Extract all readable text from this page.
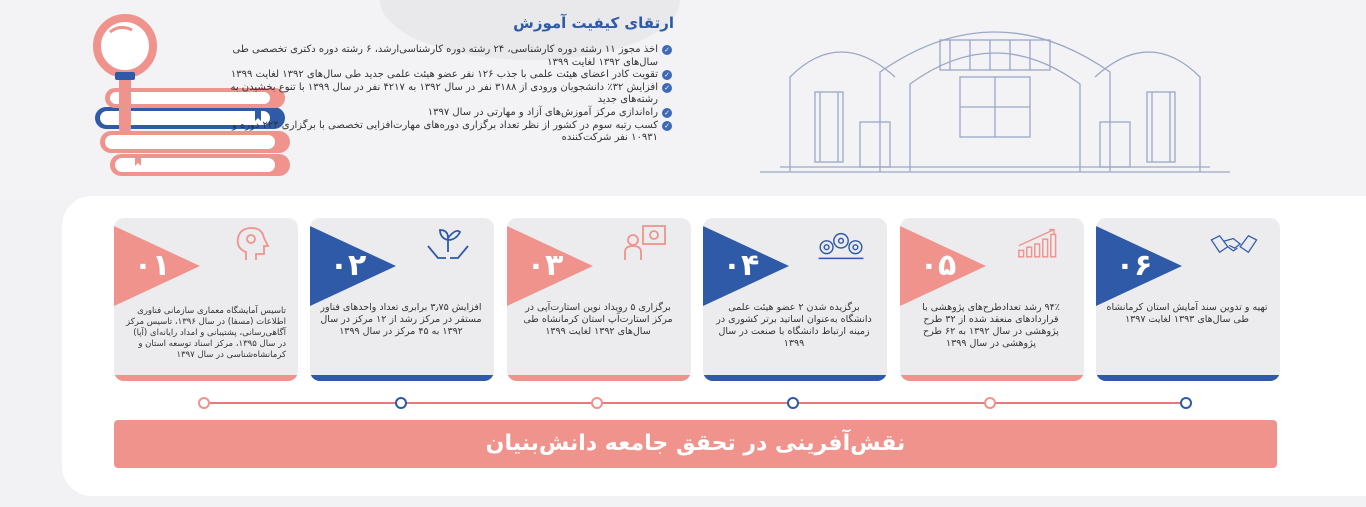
ارتقای کیفیت آموزش
✓
اخذ مجوز ۱۱ رشته دوره کارشناسی، ۲۴ رشته دوره کارشناسی‌ارشد، ۶ رشته دوره دکتری تخصصی طی سال‌های ۱۳۹۲ لغایت ۱۳۹۹
✓
تقویت کادر اعضای هیئت علمی با جذب ۱۲۶ نفر عضو هیئت علمی جدید طی سال‌های ۱۳۹۲ لغایت ۱۳۹۹
✓
افزایش ۳۲٪ دانشجویان ورودی از ۳۱۸۸ نفر در سال ۱۳۹۲ به ۴۲۱۷ نفر در سال ۱۳۹۹ با تنوع بخشیدن به رشته‌های جدید
✓
راه‌اندازی مرکز آموزش‌های آزاد و مهارتی در سال ۱۳۹۷
✓
کسب رتبه سوم در کشور از نظر تعداد برگزاری دوره‌های مهارت‌افزایی تخصصی با برگزاری ۲۲۴ دوره و ۱۰۹۳۱ نفر شرکت‌کننده
۰۱
تاسیس آمایشگاه معماری سازمانی فناوری اطلاعات (مسفا) در سال ۱۳۹۶، تاسیس مرکز آگاهی‌رسانی، پشتیبانی و امداد رایانه‌ای (آپا) در سال ۱۳۹۵، مرکز اسناد توسعه استان و کرمانشاه‌شناسی در سال ۱۳۹۷
۰۲
افزایش ۳٫۷۵ برابری تعداد واحدهای فناور مستقر در مرکز رشد از ۱۲ مرکز در سال ۱۳۹۲ به ۴۵ مرکز در سال ۱۳۹۹
۰۳
برگزاری ۵ رویداد نوین استارت‌آپی در مرکز استارت‌آپ استان کرمانشاه طی سال‌های ۱۳۹۲ لغایت ۱۳۹۹
۰۴
برگزیده شدن ۲ عضو هیئت علمی دانشگاه به‌عنوان اساتید برتر کشوری در زمینه ارتباط دانشگاه با صنعت در سال ۱۳۹۹
۰۵
۹۴٪ رشد تعدادطرح‌های پژوهشی با قراردادهای منعقد شده از ۳۲ طرح پژوهشی در سال ۱۳۹۲ به ۶۲ طرح پژوهشی در سال ۱۳۹۹
۰۶
تهیه و تدوین سند آمایش استان کرمانشاه طی سال‌های ۱۳۹۳ لغایت ۱۳۹۷
نقش‌آفرینی در تحقق جامعه دانش‌بنیان
